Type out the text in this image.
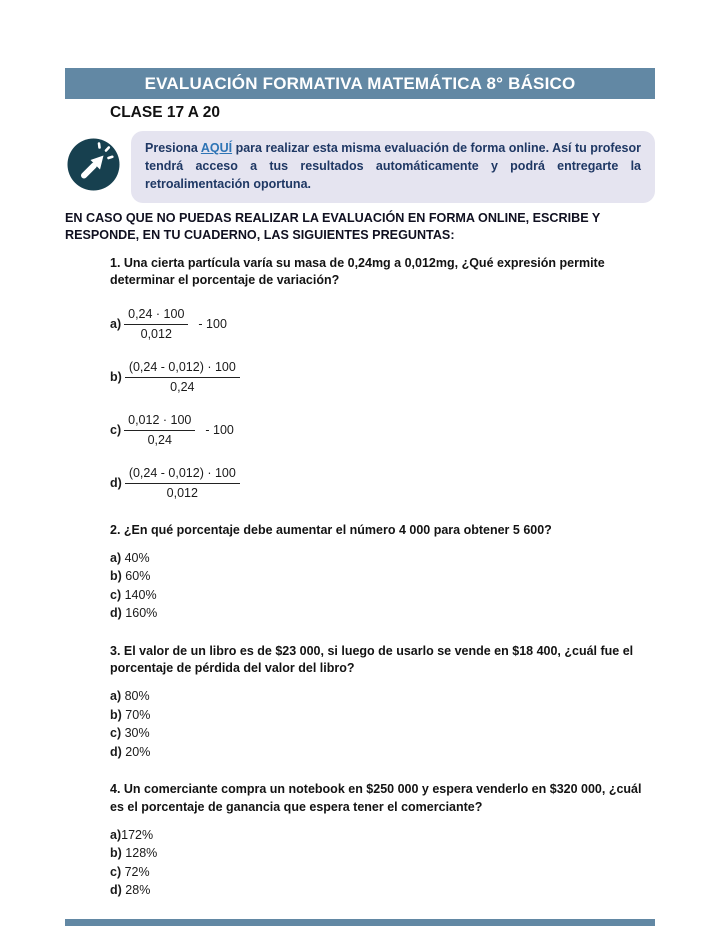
EVALUACIÓN FORMATIVA MATEMÁTICA 8° BÁSICO
CLASE 17 A 20
Presiona AQUÍ para realizar esta misma evaluación de forma online. Así tu profesor tendrá acceso a tus resultados automáticamente y podrá entregarte la retroalimentación oportuna.
EN CASO QUE NO PUEDAS REALIZAR LA EVALUACIÓN EN FORMA ONLINE, ESCRIBE Y RESPONDE, EN TU CUADERNO, LAS SIGUIENTES PREGUNTAS:
1. Una cierta partícula varía su masa de 0,24mg a 0,012mg, ¿Qué expresión permite determinar el porcentaje de variación?
$a) \frac{0,24 \cdot 100}{0,012} - 100$
$b) \frac{(0,24 - 0,012) \cdot 100}{0,24}$
$c) \frac{0,012 \cdot 100}{0,24} - 100$
$d) \frac{(0,24 - 0,012) \cdot 100}{0,012}$
2. ¿En qué porcentaje debe aumentar el número 4 000 para obtener 5 600?
a) 40%
b) 60%
c) 140%
d) 160%
3. El valor de un libro es de $23 000, si luego de usarlo se vende en $18 400, ¿cuál fue el porcentaje de pérdida del valor del libro?
a) 80%
b) 70%
c) 30%
d) 20%
4. Un comerciante compra un notebook en $250 000 y espera venderlo en $320 000, ¿cuál es el porcentaje de ganancia que espera tener el comerciante?
a)172%
b) 128%
c) 72%
d) 28%
